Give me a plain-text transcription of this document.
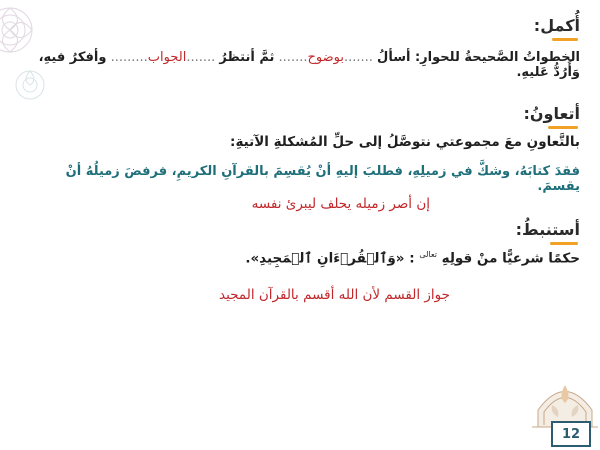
أُكمل:
الخطواتُ الصَّحيحةُ للحوارِ: أسألُ .......بوضوح....... ثمَّ أنتظرُ .......الجواب......... وأفكرُ فيهِ، وَأَرُدُّ عَليهِ.
أتعاونُ:
بالتَّعاونِ معَ مجموعتي نتوصَّلُ إلى حلِّ المُشكلةِ الآتيةِ:
فقدَ كتابَهُ، وشكَّ في زميلِهِ، فطلبَ إليهِ أنْ يُقسِمَ بالقرآنِ الكريمِ، فرفضَ زميلُهُ أنْ يقسمَ.
إن أصر زميله يحلف ليبرئ نفسه
أستنبطُ:
حكمًا شرعيًّا منْ قولِهِ $^{تعالى}$ : «وَٱلۡقُرۡءَانِ ٱلۡمَجِيدِ».
جواز القسم لأن الله أقسم بالقرآن المجيد
12
